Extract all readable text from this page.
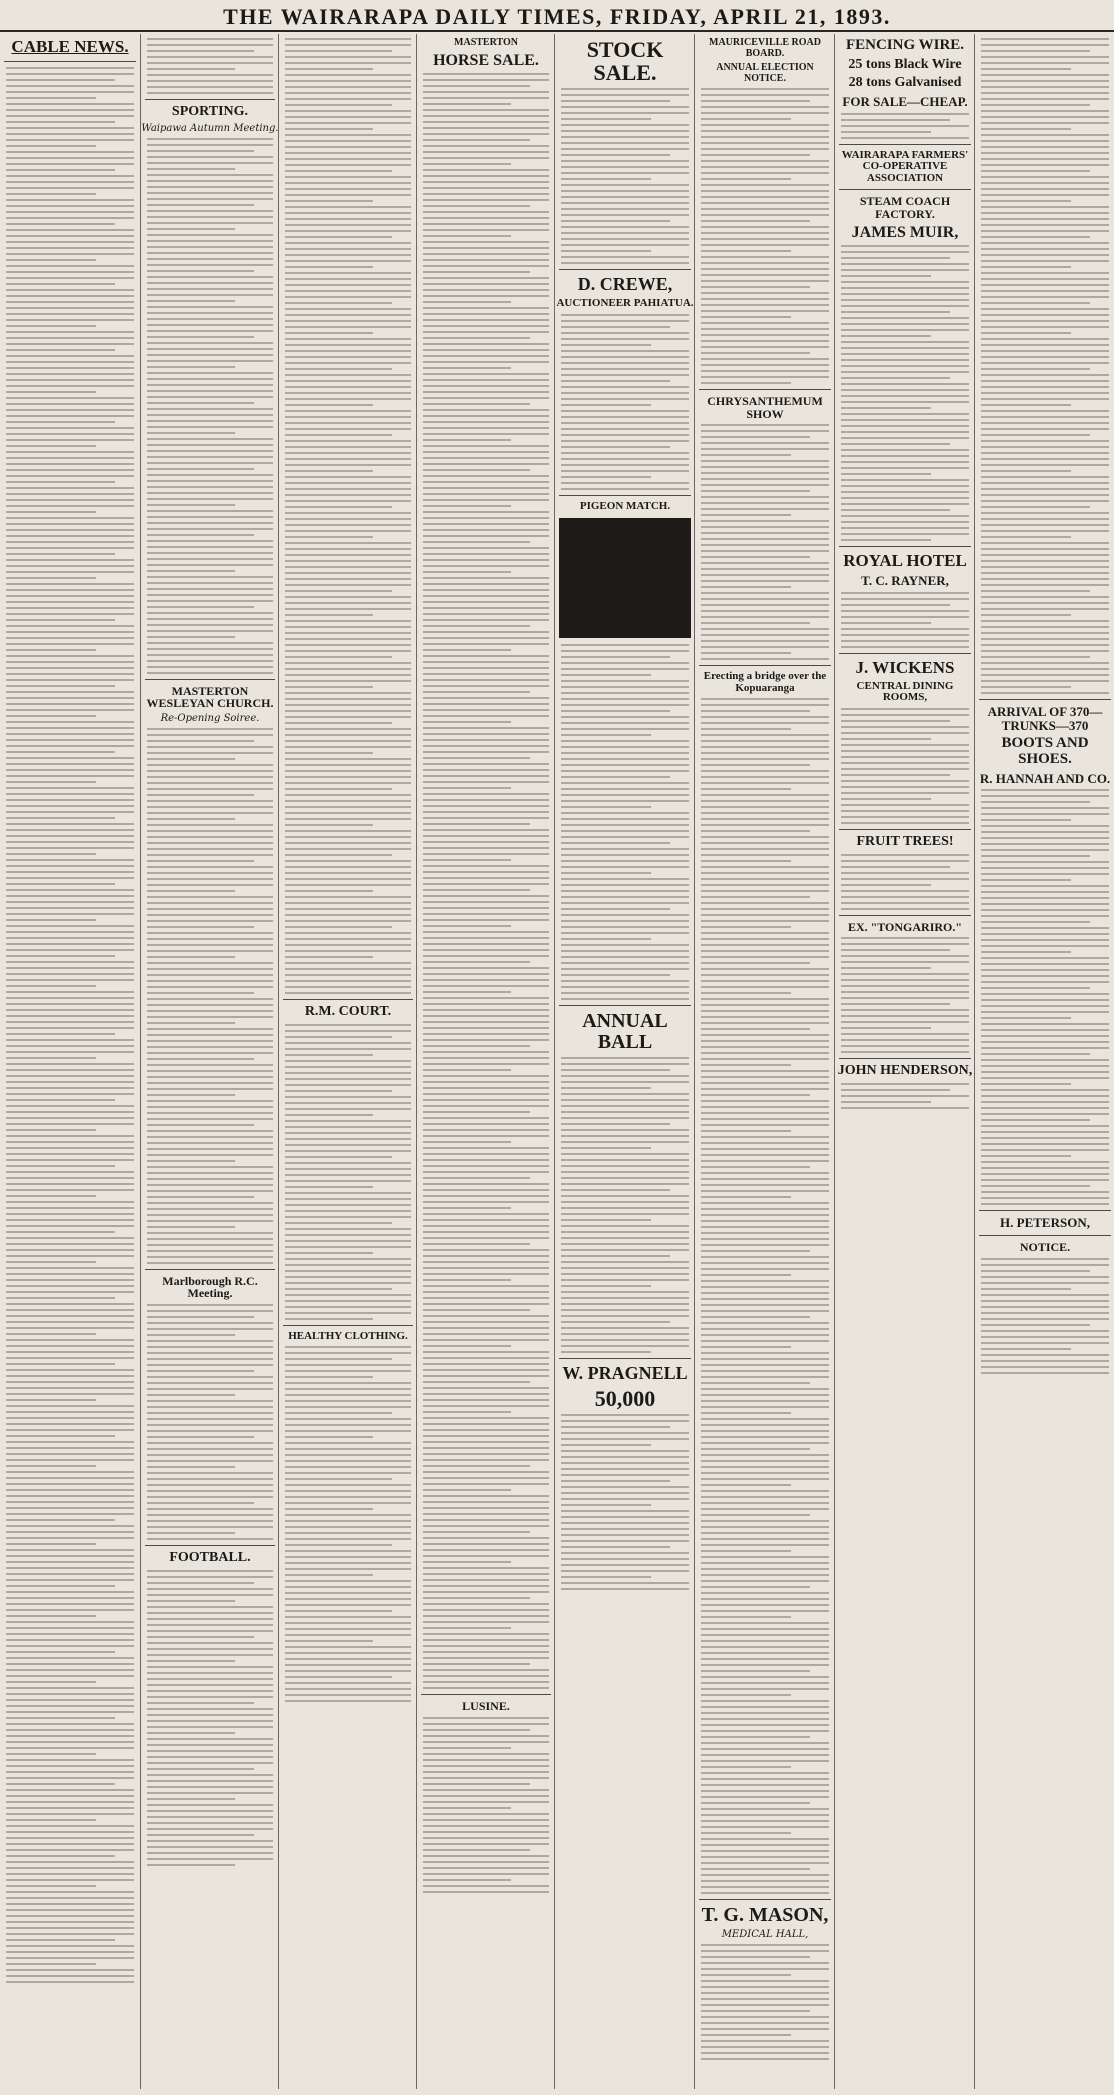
THE WAIRARAPA DAILY TIMES, FRIDAY, APRIL 21, 1893.
CABLE NEWS.
SPORTING.
Waipawa Autumn Meeting.
MASTERTON WESLEYAN CHURCH.
Re-Opening Soiree.
Marlborough R.C. Meeting.
FOOTBALL.
R.M. COURT.
HEALTHY CLOTHING.
MASTERTON
HORSE SALE.
LUSINE.
STOCK SALE.
D. CREWE,
AUCTIONEER PAHIATUA.
PIGEON MATCH.
ANNUAL BALL
W. PRAGNELL
50,000
MAURICEVILLE ROAD BOARD.
ANNUAL ELECTION NOTICE.
CHRYSANTHEMUM SHOW
Erecting a bridge over the Kopuaranga
T. G. MASON,
MEDICAL HALL,
FENCING WIRE.
25 tons Black Wire
28 tons Galvanised
FOR SALE—CHEAP.
WAIRARAPA FARMERS' CO-OPERATIVE ASSOCIATION
STEAM COACH FACTORY.
JAMES MUIR,
ROYAL HOTEL
T. C. RAYNER,
J. WICKENS
CENTRAL DINING ROOMS,
FRUIT TREES!
EX. "TONGARIRO."
JOHN HENDERSON,
ARRIVAL OF 370—TRUNKS—370
BOOTS AND SHOES.
R. HANNAH AND CO.
H. PETERSON,
NOTICE.
